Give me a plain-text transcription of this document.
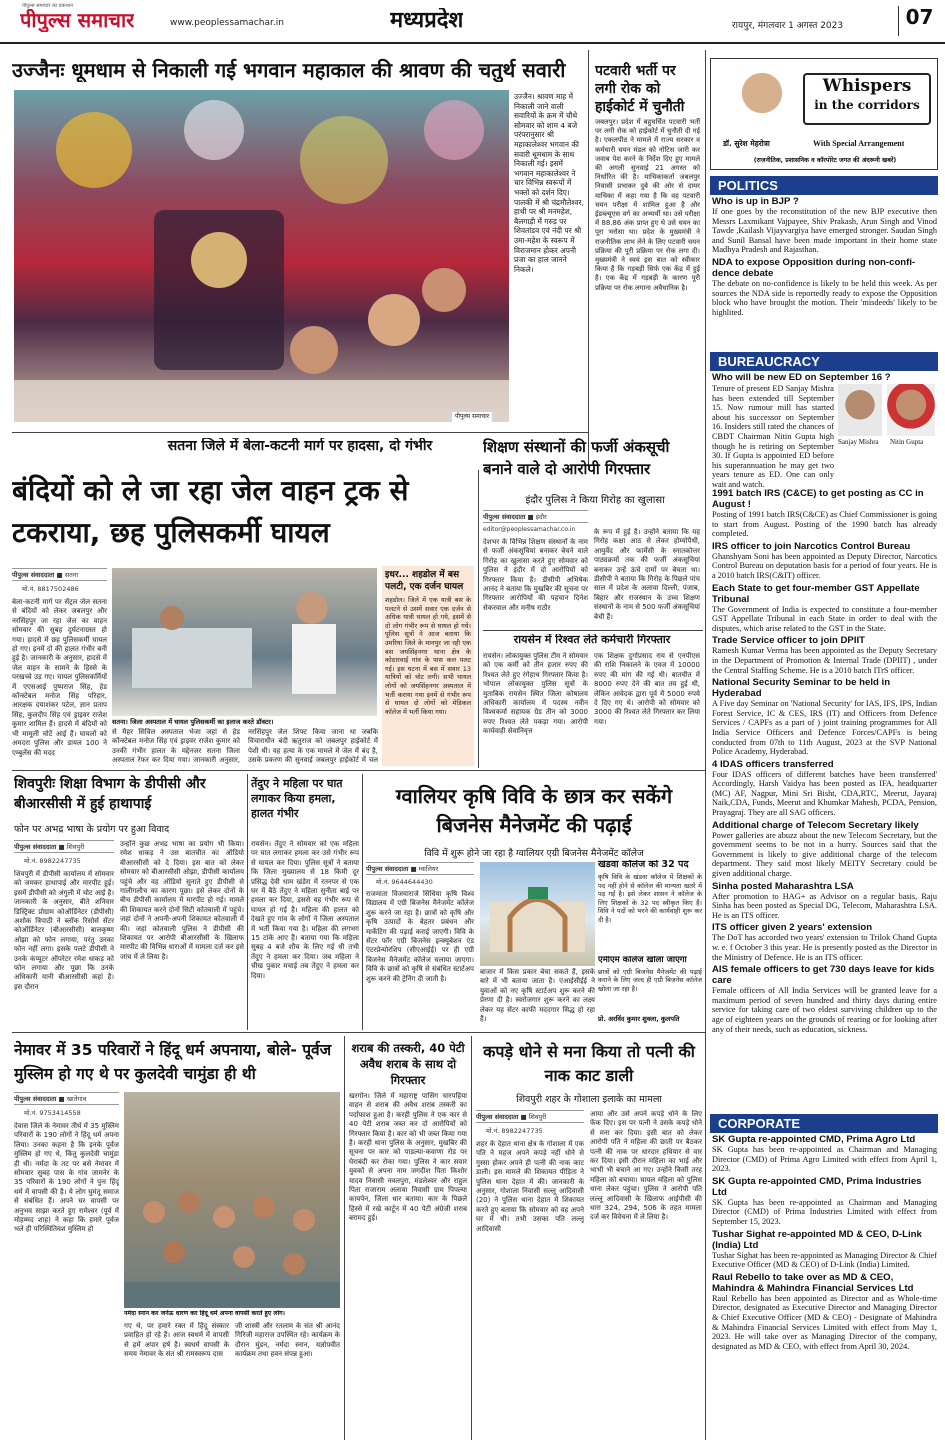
पीपुल्स समाचार का प्रकाशन
पीपुल्स समाचार	www.peoplessamachar.in	मध्यप्रदेश	रायपुर, मंगलवार 1 अगस्त 2023	07
उज्जैनः धूमधाम से निकाली गई भगवान महाकाल की श्रावण की चतुर्थ सवारी
पीपुल्स समाचार
उज्जैन। श्रावण माह में निकाली जाने वाली सवारियों के क्रम में चौथे सोमवार को शाम 4 बजे परंपरानुसार श्री महाकालेश्वर भगवान की सवारी धूमधाम के साथ निकाली गई। इसमें भगवान महाकालेश्वर ने चार विभिन्न स्वरूपों में भक्तों को दर्शन दिए। पालकी में श्री चंद्रमौलेश्वर, हाथी पर श्री मनमहेश, बैलगाड़ी में गरुड़ पर शिवतांडव एवं नंदी पर श्री उमा-महेश के स्वरूप में विराजमान होकर अपनी प्रजा का हाल जानने निकले।
पटवारी भर्ती पर लगी रोक को हाईकोर्ट में चुनौती
जबलपुर। प्रदेश में बहुचर्चित पटवारी भर्ती पर लगी रोक को हाईकोर्ट में चुनौती दी गई है। एकलपीठ ने मामले में राज्य सरकार व कर्मचारी चयन मंडल को नोटिस जारी कर जवाब पेश करने के निर्देश दिए हुए मामले की अगली सुनवाई 21 अगस्त को निर्धारित की है। याचिकाकर्ता जबलपुर निवासी प्रभाकर दुबे की ओर से दायर याचिका में कहा गया है कि वह पटवारी चयन परीक्षा में शामिल हुआ है और ईडब्ल्यूएस वर्ग का अभ्यर्थी था। उसे परीक्षा में 88.86 अंक प्राप्त हुए थे उसे चयन का पूरा भरोसा था। प्रदेश के मुख्यमंत्री ने राजनीतिक लाभ लेने के लिए पटवारी चयन प्रक्रिया की पूरी प्रक्रिया पर रोक लगा दी। मुख्यमंत्री ने स्वयं इस बात को स्वीकार किया है कि गड़बड़ी सिर्फ एक केंद्र में हुई है। एक केंद्र में गड़बड़ी के कारण पूरी प्रक्रिया पर रोक लगाना अवैधानिक है।
Whispers
in the corridors
डॉ. सुरेश मेहरोत्रा	With Special Arrangement
(राजनीतिक, प्रशासनिक व कॉरपोरेट जगत की अंदरूनी खबरें)
POLITICS
Who is up in BJP ?
If one goes by the reconstitution of the new BJP executive then Messrs Laxmikant Vajpayee, Shiv Prakash, Arun Singh and Vinod Tawde ,Kailash Vijayvargiya have emerged stronger. Saudan Singh and Sunil Bansal have been made important in their home state Madhya Pradesh and Rajasthan.
NDA to expose Opposition during non-confi-dence debate
The debate on no-confidence is likely to be held this week. As per sources the NDA side is reportedly ready to expose the Opposition block who have brought the motion. Their 'misdeeds' likely to be highlited.
BUREAUCRACY
Who will be new ED on September 16 ?
Tenure of present ED Sanjay Mishra has been extended till September 15. Now rumour mill has started about his successor on September 16. Insiders still rated the chances of CBDT Chairman Nitin Gupta high though he is retiring on September 30. If Gupta is appointed ED before his superannuation he may get two years tenure as ED. One can only wait and watch.
Sanjay Mishra Nitin Gupta
1991 batch IRS (C&CE) to get posting as CC in August !
Posting of 1991 batch IRS(C&CE) as Chief Commissioner is going to start from August. Posting of the 1990 batch has already completed.
IRS officer to join Narcotics Control Bureau
Ghanshyam Soni has been appointed as Deputy Director, Narcotics Control Bureau on deputation basis for a period of four years. He is a 2010 batch IRS(C&IT) officer.
Each State to get four-member GST Appellate Tribunal
The Government of India is expected to constitute a four-member GST Appellate Tribunal in each State in order to deal with the disputes, which arise related to the GST in the State.
Trade Service officer to join DPIIT
Ramesh Kumar Verma has been appointed as the Deputy Secretary in the Department of Promotion & Internal Trade (DPIIT) , under the Central Staffing Scheme. He is a 2010 batch ITrS officer.
National Security Seminar to be held in Hyderabad
A Five day Seminar on 'National Security' for IAS, IFS, IPS, Indian Forest Service, IC & CES, IRS (IT) and Officers from Defence Services / CAPFs as a part of ) joint training programmes for All India Service Officers and Defence Forces/CAPFs is being conducted from 07th to 11th August, 2023 at the SVP National Police Academy, Hyderabad.
4 IDAS officers transferred
Four IDAS officers of different batches have been transferred' Accordingly, Harsh Vaidya has been posted as IFA, headquarter (MC) AF, Nagpur, Mini Sri Bisht, CDA,RTC, Meerut, Jayaraj Naik,CDA, Funds, Meerut and Khumkar Mahesh, PCDA, Pension, Prayagraj. They are all SAG officers.
Additional charge of Telecom Secretary likely
Power galleries are abuzz about the new Telecom Secretary, but the government seems to be not in a hurry. Sources said that the Government is likely to give additional charge of the telecom department. They said most likely MEITY Secretary could be given additional charge.
Sinha posted Maharashtra LSA
After promotion to HAG+ as Advisor on a regular basis, Raju Sinha has been posted as Special DG, Telecom, Maharashtra LSA. He is an ITS officer.
ITS officer given 2 years' extension
The DoT has accorded two years' extension to Trilok Chand Gupta w. e. f October 3 this year. He is presently posted as the Director in the Ministry of Defence. He is an ITS officer.
AIS female officers to get 730 days leave for kids care
Female officers of All India Services will be granted leave for a maximum period of seven hundred and thirty days during entire service for taking care of two eldest surviving children up to the age of eighteen years on the grounds of rearing or for looking after any of their needs, such as education, sickness.
CORPORATE
SK Gupta re-appointed CMD, Prima Agro Ltd
SK Gupta has been re-appointed as Chairman and Managing Director (CMD) of Prima Agro Limited with effect from April 1, 2023.
SK Gupta re-appointed CMD, Prima Industries Ltd
SK Gupta has been re-appointed as Chairman and Managing Director (CMD) of Prima Industries Limited with effect from September 15, 2023.
Tushar Sighat re-appointed MD & CEO, D-Link (India) Ltd
Tushar Sighat has been re-appointed as Managing Director & Chief Executive Officer (MD & CEO) of D-Link (India) Limited.
Raul Rebello to take over as MD & CEO, Mahindra & Mahindra Financial Services Ltd
Raul Rebello has been appointed as Director and as Whole-time Director, designated as Executive Director and Managing Director & Chief Executive Officer (MD & CEO) - Designate of Mahindra & Mahindra Financial Services Limited with effect from May 1, 2023. He will take over as Managing Director of the company, designated as MD & CEO, with effect from April 30, 2024.
सतना जिले में बेला-कटनी मार्ग पर हादसा, दो गंभीर
बंदियों को ले जा रहा जेल वाहन ट्रक से टकराया, छह पुलिसकर्मी घायल
पीपुल्स संवाददाता ■ सतना
मो.नं. 8817502486
बेला-कटनी मार्ग पर सेंट्रल जेल सतना से बंदियों को लेकर जबलपुर और नरसिंहपुर जा रहा जेल का वाहन सोमवार की सुबह दुर्घटनाग्रस्त हो गया। हादसे में छह पुलिसकर्मी घायल हो गए। इनमें दो की हालत गंभीर बनी हुई है। जानकारी के अनुसार, हादसे में जेल वाहन के सामने के हिस्से के परखच्चे उड़ गए। घायल पुलिसकर्मियों में एएसआई पुष्पराज सिंह, हेड कॉन्स्टेबल मनोज सिंह परिहार, आरक्षक दयाशंकर पटेल, ज्ञान प्रताप सिंह, कुलदीप सिंह एवं ड्राइवर राजेश कुमार शामिल हैं। हादसे में बंदियों को भी मामूली चोटें आई हैं। घायलों को अमदरा पुलिस और डायल 100 ने एम्बुलेंस की मदद
सतना। जिला अस्पताल में घायल पुलिसकर्मी का इलाज करते डॉक्टर।
से मैहर सिविल अस्पताल भेजा जहां से हेड कॉन्स्टेबल मनोज सिंह एवं ड्राइवर राजेश कुमार को उनकी गंभीर हालत के मद्देनजर सतना जिला अस्पताल रेफर कर दिया गया। जानकारी अनुसार,
नरसिंहपुर जेल शिफ्ट किया जाना था जबकि विचाराधीन बंदी ऋतुराज को जबलपुर हाईकोर्ट में पेशी थी। वह हत्या के एक मामले में जेल में बंद है, उसके प्रकरण की सुनवाई जबलपुर हाईकोर्ट में चल
इधर... शहडोल में बस पलटी, एक दर्जन घायल
शहडोल। जिले में एक यात्री बस के पलटने से उसमें सवार एक दर्जन से अधिक यात्री घायल हो गये, इसमें से दो लोग गंभीर रूप से घायल हो गये। पुलिस सूत्रों ने आज बताया कि उमरिया जिले के मानपुर जा रही एक बस जयसिंहनगर थाना क्षेत्र के कोठारवाई गांव के पास कल पलट गई। इस घटना में बस में सवार 13 यात्रियों को चोट लगी। सभी घायल लोगों को जयसिंहनगर अस्पताल में भर्ती कराया गया इनमें से गंभीर रूप से घायल दो लोगों को मेडिकल कॉलेज में भर्ती किया गया।
शिक्षण संस्थानों की फर्जी अंकसूची बनाने वाले दो आरोपी गिरफ्तार
इंदौर पुलिस ने किया गिरोह का खुलासा
पीपुल्स संवाददाता ■ इंदौर
editor@peoplessamachar.co.in
देशभर के विभिन्न शिक्षण संस्थानों के नाम से फर्जी अंकसूचियां बनाकर बेचने वाले गिरोह का खुलासा करते हुए सोमवार को पुलिस ने इंदौर में दो आरोपियों को गिरफ्तार किया है। डीसीपी अभिषेक आनंद ने बताया कि मुखबिर की सूचना पर गिरफ्तार आरोपियों की पहचान दिनेश सेकरवाल और मनीष राठौर
के रूप में हुई है। उन्होंने बताया कि यह गिरोह कक्षा आठ से लेकर होम्योपैथी, आयुर्वेद और फार्मेसी के स्नातकोत्तर पाठ्यक्रमों तक की फर्जी अंकसूचियां बनाकर उन्हें ऊंचे दामों पर बेचता था। डीसीपी ने बताया कि गिरोह के पिछले पांच साल में प्रदेश के अलावा दिल्ली, पंजाब, बिहार और राजस्थान के उच्च शिक्षण संस्थानों के नाम से 500 फर्जी अंकसूचियां बेची हैं।
रायसेन में रिश्वत लेते कर्मचारी गिरफ्तार
रायसेन। लोकायुक्त पुलिस टीम ने सोमवार को एक कर्मी को तीन हजार रुपए की रिश्वत लेते हुए रंगेहाथ गिरफ्तार किया है। भोपाल लोकायुक्त पुलिस सूत्रों के मुताबिक रायसेन स्थित जिला कोषालय अधिकारी कार्यालय में पदस्थ नवीन विश्वकर्मा सहायक ग्रेड तीन को 3000 रुपए रिश्वत लेते पकड़ा गया। आरोपी कार्यवाही सेवानिवृत्त
एक शिक्षक दुर्गाप्रसाद राय से एनपीएस की राशि निकालने के एवज में 10000 रुपए की मांग की गई थी। बातचीत में 8000 रुपए देने की बात तय हुई थी, लेकिन आवेदक द्वारा पूर्व में 5000 रुपये दे दिए गए थे। आरोपी को सोमवार को 3000 की रिश्वत लेते गिरफ्तार कर लिया गया।
शिवपुरीः शिक्षा विभाग के डीपीसी और बीआरसीसी में हुई हाथापाई
फोन पर अभद्र भाषा के प्रयोग पर हुआ विवाद
पीपुल्स संवाददाता ■ शिवपुरी
मो.नं. 8982247735
शिवपुरी में डीपीसी कार्यालय में सोमवार को जमकर हाथापाई और मारपीट हुई। इसमें डीपीसी को अंगुली में चोट आई है। जानकारी के अनुसार, बीते शनिवार डिस्ट्रिक्ट प्रोग्राम कोऑर्डिनेटर (डीपीसी) अशोक त्रिपाठी ने ब्लॉक रिसोर्स सेंटर कोऑर्डिनेटर (बीआरसीसी) बालकृष्ण ओझा को फोन लगाया, परंतु उनका फोन नहीं लगा। इसके पलटे डीपीसी ने उनके कंप्यूटर ऑपरेटर रमेश धाकड़ को फोन लगाया और पूछा कि उनके अधिकारी यानी बीआरसीसी कहां है। इस दौरान
उन्होंने कुछ अभद्र भाषा का प्रयोग भी किया। रमेश धाकड़ ने उस बातचीत का ऑडियो बीआरसीसी को दे दिया। इस बात को लेकर सोमवार को बीआरसीसी ओझा, डीपीसी कार्यालय पहुंचे और वह ऑडियो सुनाते हुए डीपीसी से गालीगलौच का कारण पूछा। इसे लेकर दोनों के बीच डीपीसी कार्यालय में मारपीट हो गई। मामले की शिकायत करने दोनों सिटी कोतवाली में पहुंचे। जहां दोनों ने अपनी-अपनी शिकायत कोतवाली में की। जहां कोतवाली पुलिस ने डीपीसी की शिकायत पर आरोपी बीआरसीसी के खिलाफ मारपीट की विभिन्न धाराओं में मामला दर्ज कर इसे जांच में ले लिया है।
तेंदुए ने महिला पर घात लगाकर किया हमला, हालत गंभीर
रायसेन। तेंदुए ने सोमवार को एक महिला पर घात लगाकर हमला कर उसे गंभीर रूप से घायल कर दिया। पुलिस सूत्रों ने बताया कि जिला मुख्यालय से 18 किमी दूर प्रसिद्ध देवी धाम खंडेरा में रतनपर से एक घर में बैठे तेंदुए ने महिला सुनीता बाई पर हमला कर दिया, इससे वह गंभीर रूप से घायल हो गई है। महिला की हालत को देखते हुए गांव के लोगों ने जिला अस्पताल में भर्ती किया गया है। महिला की लगभग 15 टांके आए हैं। बताया गया कि महिला सुबह 4 बजे शौच के लिए गई थी तभी तेंदुए ने हमला कर दिया। जब महिला ने चीख पुकार मचाई तब तेंदुए ने हमला कर दिया।
ग्वालियर कृषि विवि के छात्र कर सकेंगे बिजनेस मैनेजमेंट की पढ़ाई
विवि में शुरू होने जा रहा है ग्वालियर एग्री बिजनेस मैनेजमेंट कॉलेज
पीपुल्स संवाददाता ■ ग्वालियर
मो.नं. 9644644430
राजमाता विजयाराजे सिंधिया कृषि विश्व विद्यालय में एग्री बिजनेस मैनेजमेंट कॉलेज शुरू करने जा रहा है। छात्रों को कृषि और कृषि उत्पादों के बेहतर प्रबंधन और मार्केटिंग की पढ़ाई कराई जाएगी। विवि के सेंटर फॉर एग्री बिजनेस इन्क्यूबेशन एंड एंटरप्रेन्योरशिप (सीएआईई) पर ही एग्री बिजनेस मैनेजमेंट कॉलेज चलाया जाएगा। विवि के छात्रों को कृषि से संबंधित स्टार्टअप शुरू करने की ट्रेनिंग दी जाती है।
बाजार में किस प्रकार बेचा सकते हैं, इसके बारे में भी बताया जाता है। एआईसीईई ने युवाओं को नए कृषि स्टार्टअप शुरू करने की प्रेरणा दी है। स्वरोजगार शुरू करने का लक्ष्य लेकर यह सेंटर काफी मददगार सिद्ध हो रहा है।
खंडवा कॉलेज को 32 पद
कृषि विवि के खंडवा कॉलेज में शिक्षकों के पद नहीं होने से कॉलेज की मान्यता खतरे में पड़ गई है। इसे लेकर शासन ने कॉलेज के लिए शिक्षकों के 32 पद स्वीकृत किए हैं। विवि ने पदों को भरने की कार्यवाही शुरू कर दी है।
एमीएम कॉलेज खोला जाएगा
छात्रों को एग्री बिजनेस मैनेजमेंट की पढ़ाई कराने के लिए जल्द ही एग्री बिजनेस कॉलेज खोला जा रहा है।
प्रो. अरविंद कुमार शुक्ला, कुलपति
नेमावर में 35 परिवारों ने हिंदू धर्म अपनाया, बोले- पूर्वज मुस्लिम हो गए थे पर कुलदेवी चामुंडा ही थी
पीपुल्स संवाददाता ■ खातेगांव
मो.नं. 9753414558
देवास जिले के नेमावर तीर्थ में 35 मुस्लिम परिवारों के 190 लोगों ने हिंदू धर्म अपना लिया। उनका कहना है कि इनके पूर्वज मुस्लिम हो गए थे, किंतु कुलदेवी चामुंडा ही थी। नर्मदा के तट पर बसे नेमावर में सोमवार सुबह पास के गांव जामनेर के 35 परिवारों के 190 लोगों ने पुनः हिंदू धर्म में वापसी की है। ये लोग घुमंतू समाज से संबंधित हैं। अपने घर वापसी पर अनुभव साझा करते हुए रामेश्वर (पूर्व में मोहम्मद शाह) ने कहा कि हमारे पूर्वज भले ही परिस्थितिवश मुस्लिम हो
नर्मदा स्नान कर जनेऊ धारण कर हिंदू धर्म अपना वापसी करते हुए लोग।
गए थे, पर हमारे रक्त में हिंदू संस्कार प्रवाहित हो रहे हैं। आज स्वधर्म में वापसी से हमें अपार हर्ष है। स्वधर्म वापसी के समय नेमावर के संत श्री रामस्वरूप दास
जी शास्त्री और रतलाम के संत श्री आनंद गिरिजी महाराज उपस्थित रहे। कार्यक्रम के दौरान मुंडन, नर्मदा स्नान, यज्ञोपवीत कार्यक्रम तथा हवन संपन्न हुआ।
शराब की तस्करी, 40 पेटी अवैध शराब के साथ दो गिरफ्तार
खरगोन। जिले में महाराष्ट्र पासिंग चारपहिया वाहन से शराब की अवैध शराब तस्करी का पर्दाफाश हुआ है। करही पुलिस ने एक कार से 40 पेटी शराब जब्त कर दो आरोपियों को गिरफ्तार किया है। कार को भी जब्त किया गया है। करही थाना पुलिस के अनुसार, मुखबिर की सूचना पर कार को पाडल्या-कवाणा रोड पर घेराबंदी कर रोका गया। पुलिस ने कार सवार युवकों से अपना नाम जगदीश पिता किशोर यादव निवासी नवलपुरा, मंडलेश्वर और राहुल पिता राजाराम अलावा निवासी ग्राम पिपल्या कायपेन, जिला धार बताया। कार के पिछले हिस्से में रखे कार्टून में 40 पेटी अंग्रेजी शराब बरामद हुई।
कपड़े धोने से मना किया तो पत्नी की नाक काट डाली
शिवपुरी शहर के गोशाला इलाके का मामला
पीपुल्स संवाददाता ■ शिवपुरी
मो.नं. 8982247735
शहर के देहात थाना क्षेत्र के गोशाला में एक पति ने महज अपने कपड़े नहीं धोने से गुस्सा होकर अपने ही पत्नी की नाक काट डाली। इस मामले की शिकायत पीड़िता ने पुलिस थाना देहात में की। जानकारी के अनुसार, गोशाला निवासी सल्लू आदिवासी (20) ने पुलिस थाना देहात में शिकायत करते हुए बताया कि सोमवार को वह अपने घर में थी। तभी उसका पति लल्लू आदिवासी
आया और उसे अपने कपड़े धोने के लिए फेंक दिए। इस पर पत्नी ने उसके कपड़े धोने से मना कर दिया। इसी बात को लेकर आरोपी पति ने महिला की छाती पर बैठकर पत्नी की नाक पर धारदार हथियार से वार कर दिया। इसी दौरान महिला का भाई और भाभी भी बचाने आ गए। उन्होंने किसी तरह महिला को बचाया। घायल महिला को पुलिस थाना लेकर पहुंचा। पुलिस ने आरोपी पति लल्लू आदिवासी के खिलाफ आईपीसी की धारा 324, 294, 506 के तहत मामला दर्ज कर विवेचना में ले लिया है।
